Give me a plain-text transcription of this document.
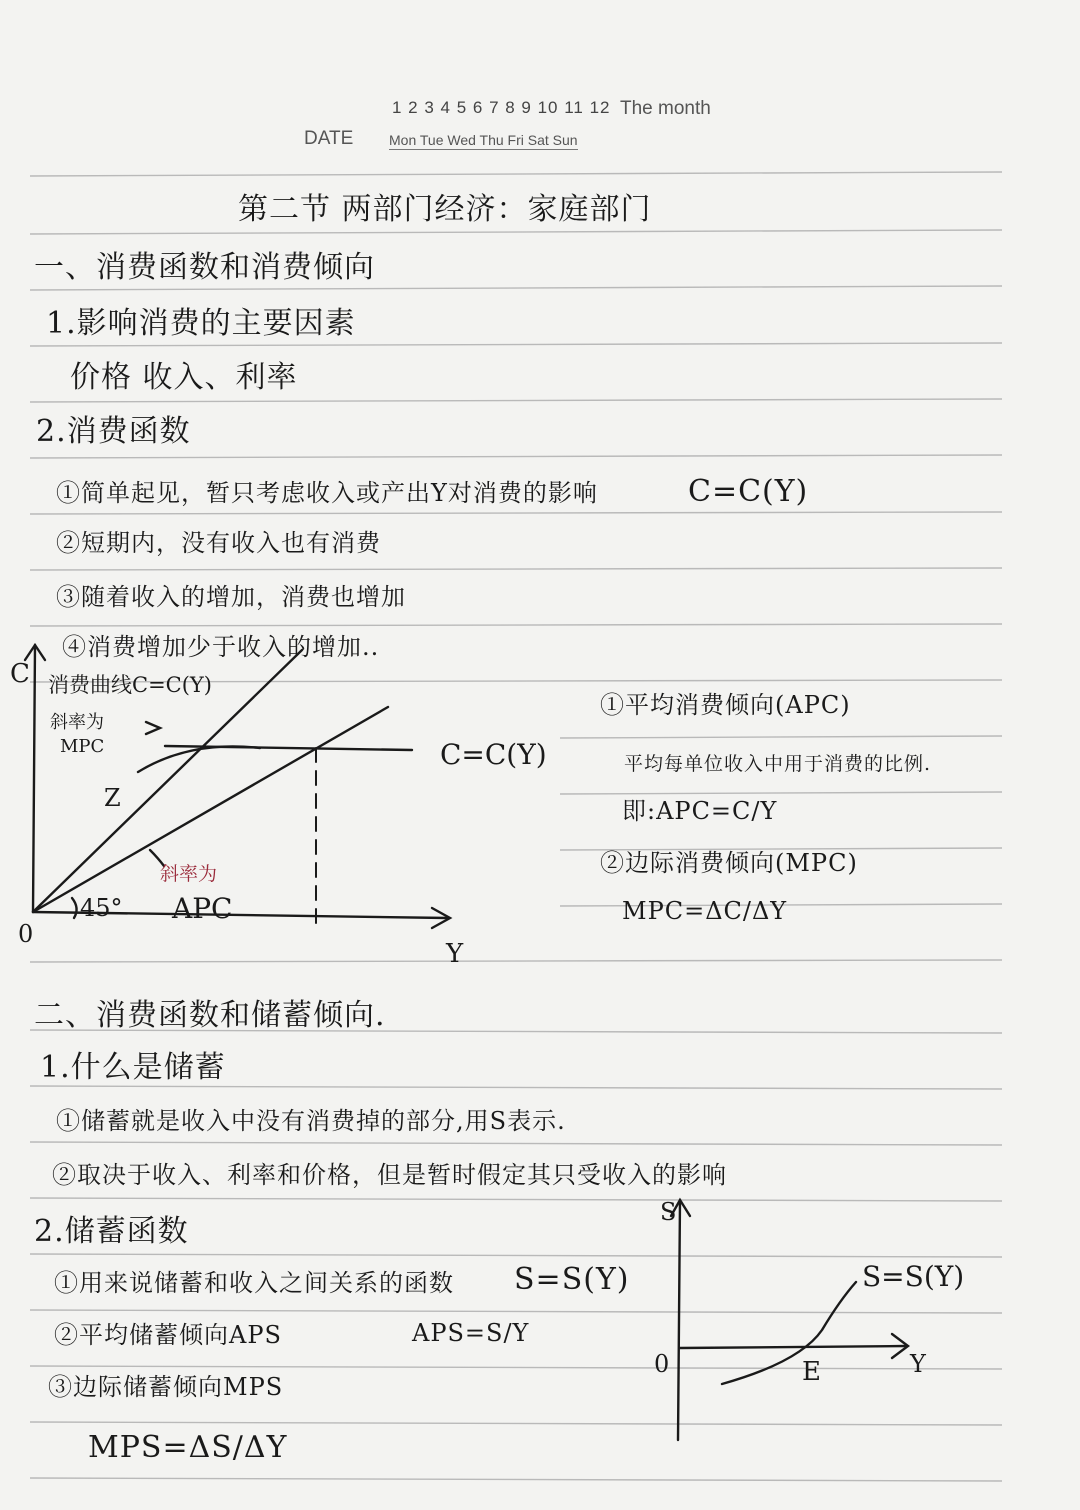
1 2 3 4 5 6 7 8 9 10 11 12 The month
DATE	Mon Tue Wed Thu Fri Sat Sun
第二节 两部门经济：家庭部门
一、消费函数和消费倾向
1.影响消费的主要因素
价格 收入、利率
2.消费函数
①简单起见，暂只考虑收入或产出Y对消费的影响	C=C(Y)
②短期内，没有收入也有消费
③随着收入的增加，消费也增加
④消费增加少于收入的增加..
C
Y
0
消费曲线C=C(Y)
斜率为
MPC
Z
斜率为
APC
45°
C=C(Y)
①平均消费倾向(APC)
平均每单位收入中用于消费的比例.
即:APC=C/Y
②边际消费倾向(MPC)
MPC=ΔC/ΔY
二、消费函数和储蓄倾向.
1.什么是储蓄
①储蓄就是收入中没有消费掉的部分,用S表示.
②取决于收入、利率和价格，但是暂时假定其只受收入的影响
2.储蓄函数
①用来说储蓄和收入之间关系的函数 S=S(Y)
②平均储蓄倾向APS	APS=S/Y
③边际储蓄倾向MPS
MPS=ΔS/ΔY
S
Y
0
S=S(Y)
E
